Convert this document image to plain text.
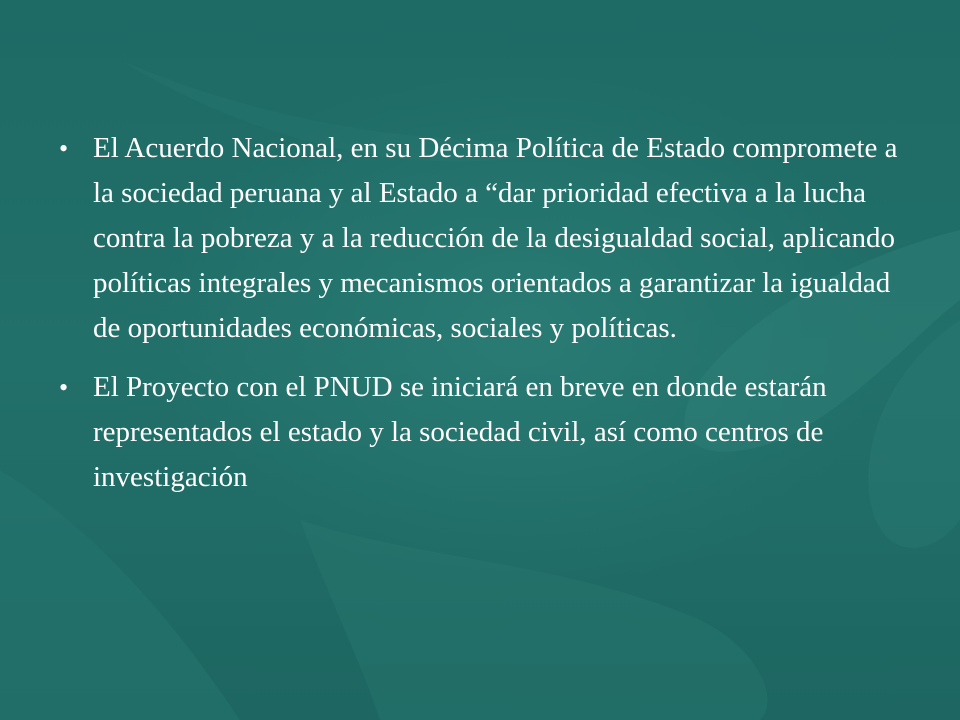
• El Acuerdo Nacional, en su Décima Política de Estado compromete a la sociedad peruana y al Estado a “dar prioridad efectiva a la lucha contra la pobreza y a la reducción de la desigualdad social, aplicando políticas integrales y mecanismos orientados a garantizar la igualdad de oportunidades económicas, sociales y políticas.
• El Proyecto con el PNUD se iniciará en breve en donde estarán representados el estado y la sociedad civil, así como centros de investigación
